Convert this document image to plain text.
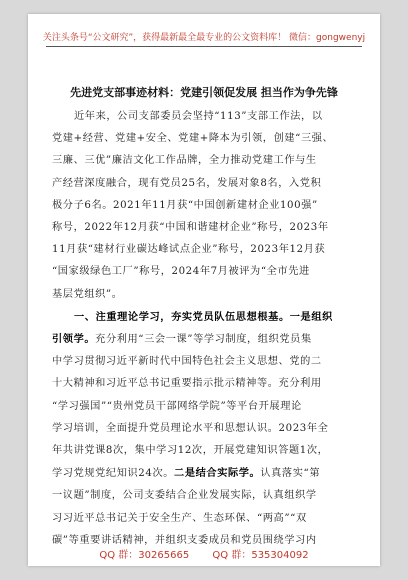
关注头条号“公文研究”，获得最新最全最专业的公文资料库！ 微信：gongwenyj
先进党支部事迹材料：党建引领促发展 担当作为争先锋
近年来，公司支部委员会坚持“113”支部工作法，以
党建+经营、党建+安全、党建+降本为引领，创建“三强、
三廉、三优”廉洁文化工作品牌，全力推动党建工作与生
产经营深度融合，现有党员25名，发展对象8名，入党积
极分子6名。2021年11月获“中国创新建材企业100强”
称号，2022年12月获“中国和谐建材企业”称号，2023年
11月获“建材行业碳达峰试点企业”称号，2023年12月获
“国家级绿色工厂”称号，2024年7月被评为“全市先进
基层党组织”。
一、注重理论学习，夯实党员队伍思想根基。一是组织
引领学。充分利用“三会一课”等学习制度，组织党员集
中学习贯彻习近平新时代中国特色社会主义思想、党的二
十大精神和习近平总书记重要指示批示精神等。充分利用
“学习强国”“贵州党员干部网络学院”等平台开展理论
学习培训，全面提升党员理论水平和思想认识。2023年全
年共讲党课8次，集中学习12次，开展党建知识答题1次，
学习党规党纪知识24次。二是结合实际学。认真落实“第
一议题”制度，公司支委结合企业发展实际，认真组织学
习习近平总书记关于安全生产、生态环保、“两高”“双
碳”等重要讲话精神，并组织支委成员和党员围绕学习内
QQ 群：30265665 QQ 群：535304092
